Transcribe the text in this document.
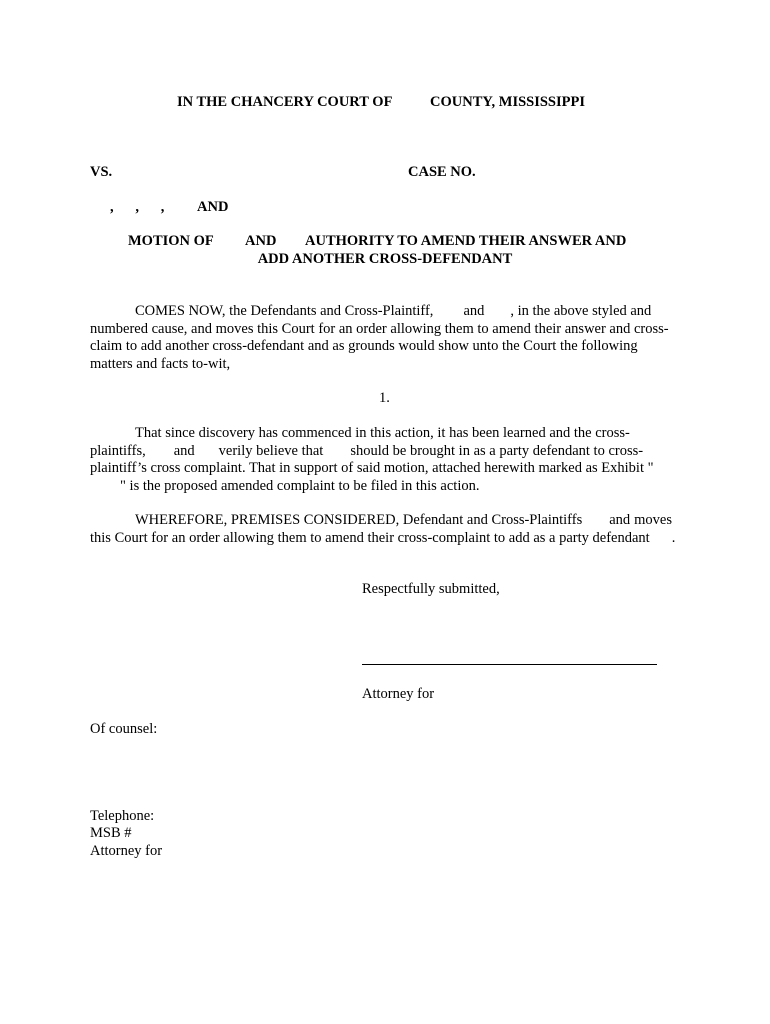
IN THE CHANCERY COURT OF	COUNTY, MISSISSIPPI
VS.	CASE NO.
,      ,      , AND
MOTION OF AND AUTHORITY TO AMEND THEIR ANSWER AND
ADD ANOTHER CROSS-DEFENDANT
COMES NOW, the Defendants and Cross-Plaintiff, and , in the above styled and numbered cause, and moves this Court for an order allowing them to amend their answer and cross-claim to add another cross-defendant and as grounds would show unto the Court the following matters and facts to-wit,
1.
That since discovery has commenced in this action, it has been learned and the cross-plaintiffs, and verily believe that should be brought in as a party defendant to cross-plaintiff’s cross complaint. That in support of said motion, attached herewith marked as Exhibit "" is the proposed amended complaint to be filed in this action.
WHEREFORE, PREMISES CONSIDERED, Defendant and Cross-Plaintiffs and moves this Court for an order allowing them to amend their cross-complaint to add as a party defendant .
Respectfully submitted,
Attorney for
Of counsel:
Telephone:
MSB #
Attorney for
